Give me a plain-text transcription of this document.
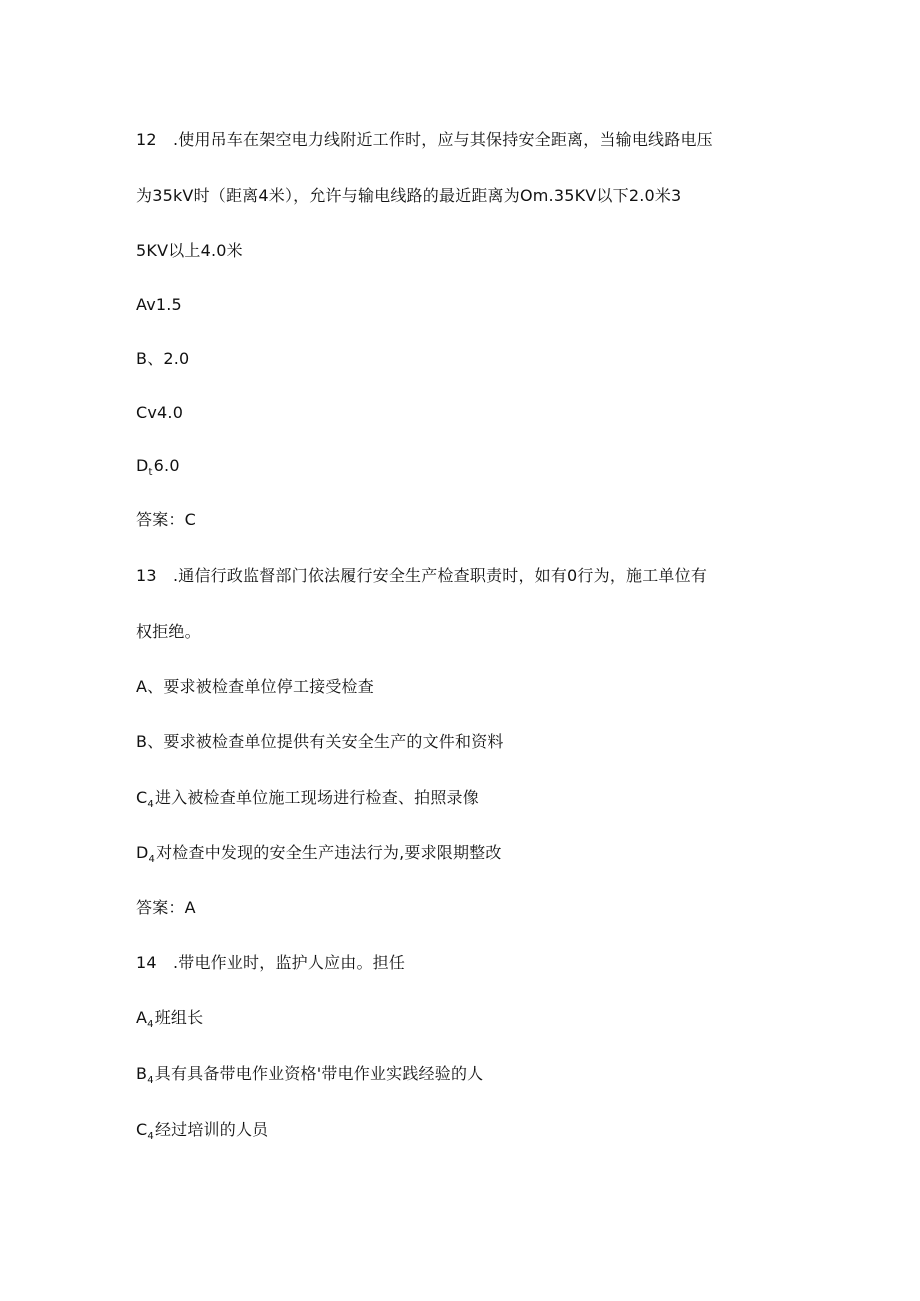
12　.使用吊车在架空电力线附近工作时，应与其保持安全距离，当输电线路电压
为35kV时（距离4米），允许与输电线路的最近距离为Om.35KV以下2.0米3
5KV以上4.0米
Av1.5
B、2.0
Cv4.0
$D_t6.0$
答案：C
13　.通信行政监督部门依法履行安全生产检查职责时，如有0行为，施工单位有
权拒绝。
A、要求被检查单位停工接受检查
B、要求被检查单位提供有关安全生产的文件和资料
$C_4$进入被检查单位施工现场进行检查、拍照录像
$D_4$对检查中发现的安全生产违法行为,要求限期整改
答案：A
14　.带电作业时，监护人应由。担任
$A_4$班组长
$B_4$具有具备带电作业资格'带电作业实践经验的人
$C_4$经过培训的人员
